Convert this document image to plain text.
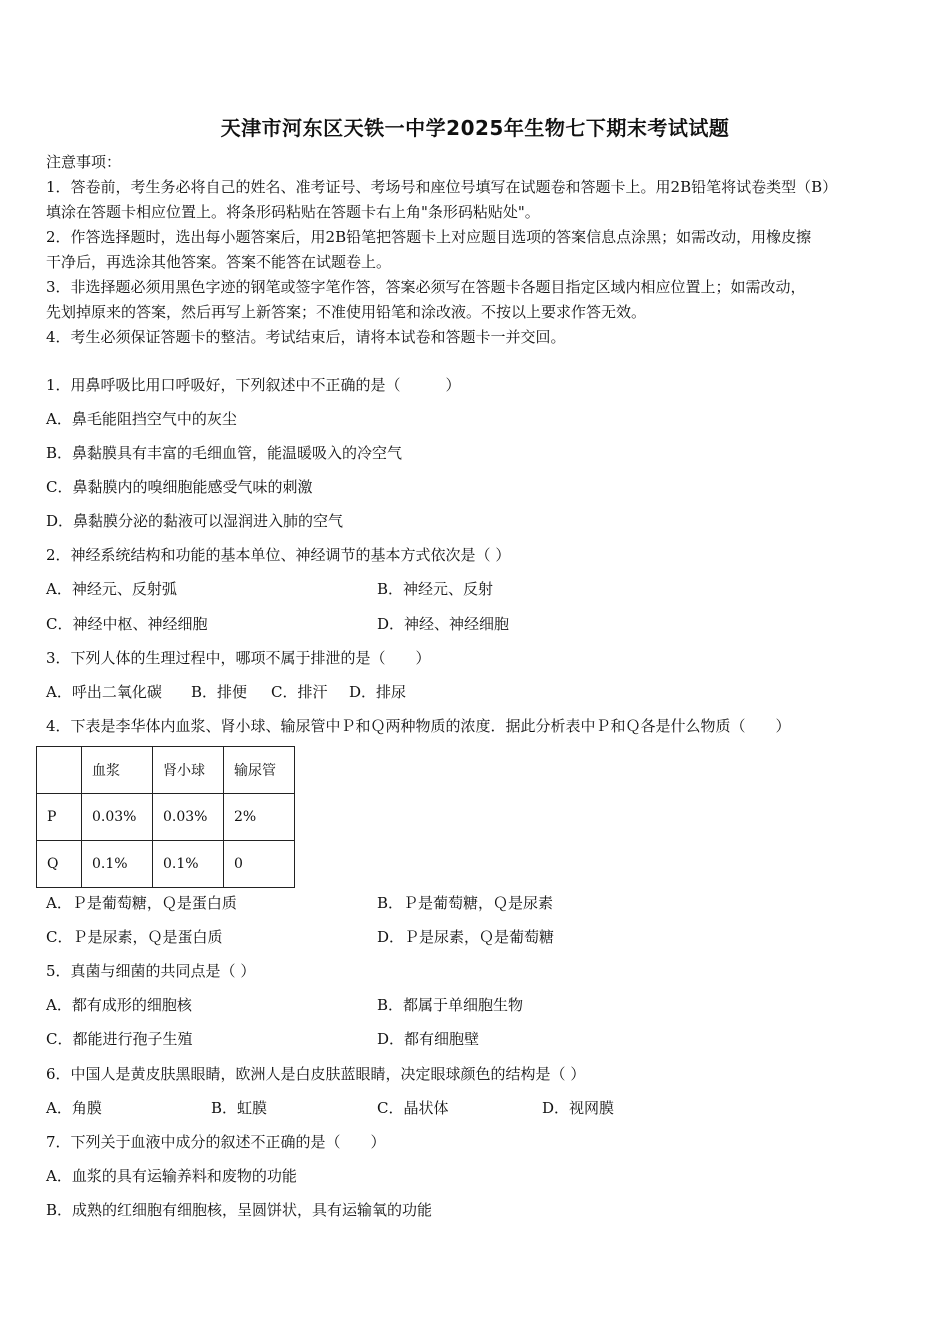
天津市河东区天铁一中学2025年生物七下期末考试试题
注意事项：
1．答卷前，考生务必将自己的姓名、准考证号、考场号和座位号填写在试题卷和答题卡上。用2B铅笔将试卷类型（B）
填涂在答题卡相应位置上。将条形码粘贴在答题卡右上角"条形码粘贴处"。
2．作答选择题时，选出每小题答案后，用2B铅笔把答题卡上对应题目选项的答案信息点涂黑；如需改动，用橡皮擦
干净后，再选涂其他答案。答案不能答在试题卷上。
3．非选择题必须用黑色字迹的钢笔或签字笔作答，答案必须写在答题卡各题目指定区域内相应位置上；如需改动，
先划掉原来的答案，然后再写上新答案；不准使用铅笔和涂改液。不按以上要求作答无效。
4．考生必须保证答题卡的整洁。考试结束后，请将本试卷和答题卡一并交回。
1．用鼻呼吸比用口呼吸好，下列叙述中不正确的是（　　　）
A．鼻毛能阻挡空气中的灰尘
B．鼻黏膜具有丰富的毛细血管，能温暖吸入的冷空气
C．鼻黏膜内的嗅细胞能感受气味的刺激
D．鼻黏膜分泌的黏液可以湿润进入肺的空气
2．神经系统结构和功能的基本单位、神经调节的基本方式依次是（ ）
A．神经元、反射弧	B．神经元、反射
C．神经中枢、神经细胞	D．神经、神经细胞
3．下列人体的生理过程中，哪项不属于排泄的是（　　）
A．呼出二氧化碳 B．排便 C．排汗 D．排尿
4．下表是李华体内血浆、肾小球、输尿管中Ｐ和Ｑ两种物质的浓度．据此分析表中Ｐ和Ｑ各是什么物质（　　）
	血浆	肾小球	输尿管
P	0.03%	0.03%	2%
Q	0.1%	0.1%	0
A．Ｐ是葡萄糖，Ｑ是蛋白质	B．Ｐ是葡萄糖，Ｑ是尿素
C．Ｐ是尿素，Ｑ是蛋白质	D．Ｐ是尿素，Ｑ是葡萄糖
5．真菌与细菌的共同点是（ ）
A．都有成形的细胞核	B．都属于单细胞生物
C．都能进行孢子生殖	D．都有细胞壁
6．中国人是黄皮肤黑眼睛，欧洲人是白皮肤蓝眼睛，决定眼球颜色的结构是（ ）
A．角膜	B．虹膜	C．晶状体	D．视网膜
7．下列关于血液中成分的叙述不正确的是（　　）
A．血浆的具有运输养料和废物的功能
B．成熟的红细胞有细胞核，呈圆饼状，具有运输氧的功能
